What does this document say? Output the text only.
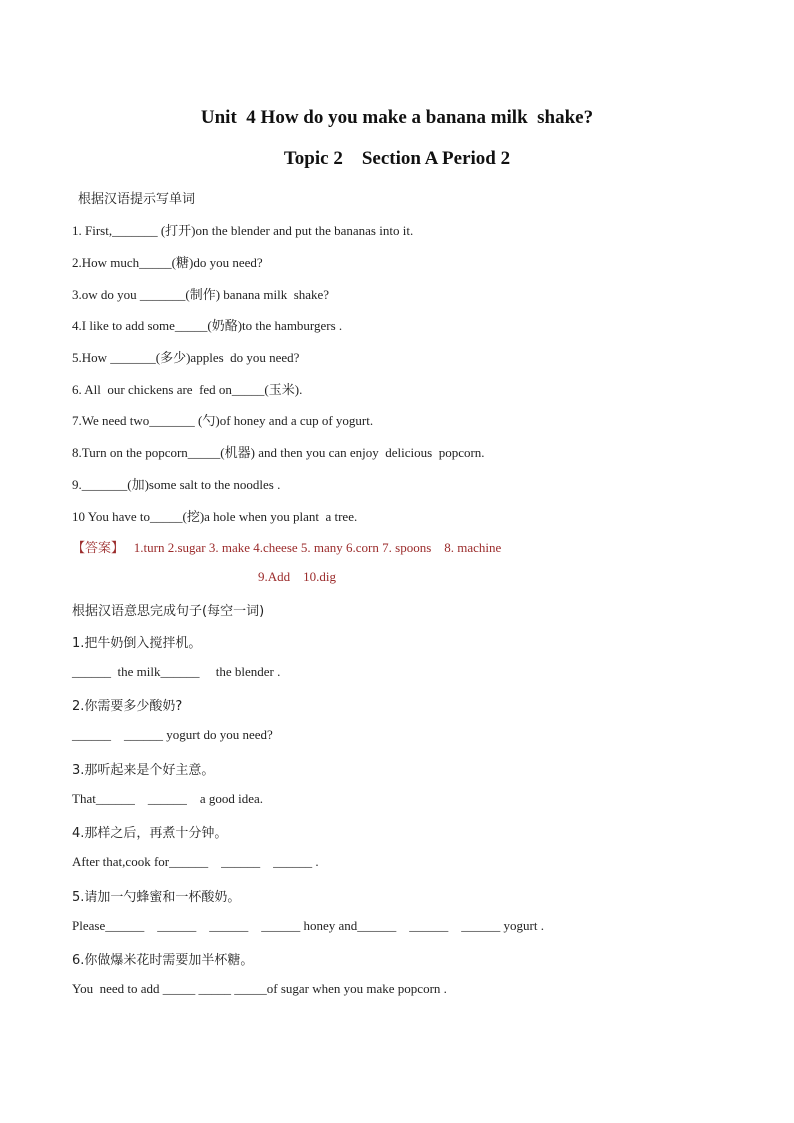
Unit  4 How do you make a banana milk  shake?
Topic 2    Section A Period 2
根据汉语提示写单词
1. First,_______ (打开)on the blender and put the bananas into it.
2.How much_____(糖)do you need?
3.ow do you _______(制作) banana milk  shake?
4.I like to add some_____(奶酪)to the hamburgers .
5.How _______(多少)apples  do you need?
6. All  our chickens are  fed on_____(玉米).
7.We need two_______ (勺)of honey and a cup of yogurt.
8.Turn on the popcorn_____(机器) and then you can enjoy  delicious  popcorn.
9._______(加)some salt to the noodles .
10 You have to_____(挖)a hole when you plant  a tree.
【答案】 1.turn 2.sugar 3. make 4.cheese 5. many 6.corn 7. spoons    8. machine
9.Add    10.dig
根据汉语意思完成句子(每空一词)
1.把牛奶倒入搅拌机。
______  the milk______     the blender .
2.你需要多少酸奶?
______    ______ yogurt do you need?
3.那听起来是个好主意。
That______    ______    a good idea.
4.那样之后，再煮十分钟。
After that,cook for______    ______    ______ .
5.请加一勺蜂蜜和一杯酸奶。
Please______    ______    ______    ______ honey and______    ______    ______ yogurt .
6.你做爆米花时需要加半杯糖。
You  need to add _____ _____ _____of sugar when you make popcorn .
